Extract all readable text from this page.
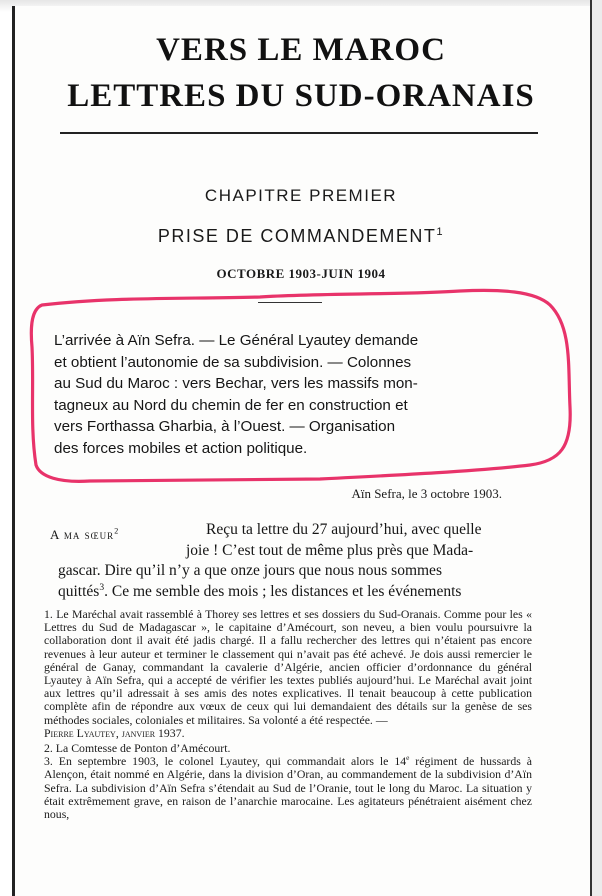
VERS LE MAROC
LETTRES DU SUD-ORANAIS
CHAPITRE PREMIER
PRISE DE COMMANDEMENT$^1$
OCTOBRE 1903-JUIN 1904
L’arrivée à Aïn Sefra. — Le Général Lyautey demande
et obtient l’autonomie de sa subdivision. — Colonnes
au Sud du Maroc : vers Bechar, vers les massifs mon-
tagneux au Nord du chemin de fer en construction et
vers Forthassa Gharbia, à l’Ouest. — Organisation
des forces mobiles et action politique.
Aïn Sefra, le 3 octobre 1903.
A ma sœur$^2$	Reçu ta lettre du 27 aujourd’hui, avec quelle
joie ! C’est tout de même plus près que Mada-
gascar. Dire qu’il n’y a que onze jours que nous nous sommes
quittés$^3$. Ce me semble des mois ; les distances et les événements

1. Le Maréchal avait rassemblé à Thorey ses lettres et ses dossiers du Sud-Oranais. Comme pour les « Lettres du Sud de Madagascar », le capitaine d’Amécourt, son neveu, a bien voulu poursuivre la collaboration dont il avait été jadis chargé. Il a fallu rechercher des lettres qui n’étaient pas encore revenues à leur auteur et terminer le classement qui n’avait pas été achevé. Je dois aussi remercier le général de Ganay, commandant la cavalerie d’Algérie, ancien officier d’ordonnance du général Lyautey à Aïn Sefra, qui a accepté de vérifier les textes publiés aujourd’hui. Le Maréchal avait joint aux lettres qu’il adressait à ses amis des notes explicatives. Il tenait beaucoup à cette publication complète afin de répondre aux vœux de ceux qui lui demandaient des détails sur la genèse de ses méthodes sociales, coloniales et militaires. Sa volonté a été respectée. —

Pierre Lyautey, janvier 1937.

2. La Comtesse de Ponton d’Amécourt.

3. En septembre 1903, le colonel Lyautey, qui commandait alors le 14e régiment de hussards à Alençon, était nommé en Algérie, dans la division d’Oran, au commandement de la subdivision d’Aïn Sefra. La subdivision d’Aïn Sefra s’étendait au Sud de l’Oranie, tout le long du Maroc. La situation y était extrêmement grave, en raison de l’anarchie marocaine. Les agitateurs pénétraient aisément chez nous,
